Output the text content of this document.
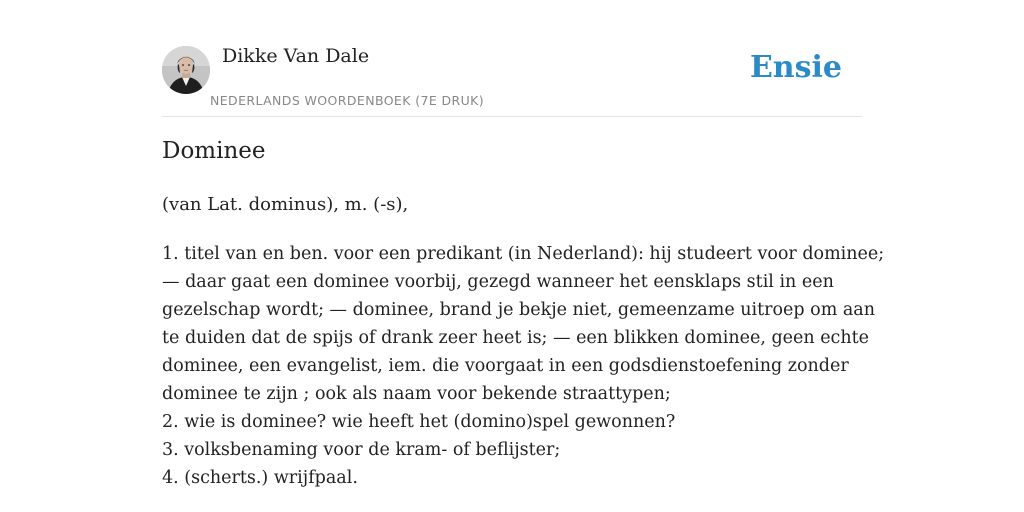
Dikke Van Dale
NEDERLANDS WOORDENBOEK (7E DRUK)
Ensie
Dominee

(van Lat. dominus), m. (-s),

1. titel van en ben. voor een predikant (in Nederland): hij studeert voor dominee;
— daar gaat een dominee voorbij, gezegd wanneer het eensklaps stil in een
gezelschap wordt; — dominee, brand je bekje niet, gemeenzame uitroep om aan
te duiden dat de spijs of drank zeer heet is; — een blikken dominee, geen echte
dominee, een evangelist, iem. die voorgaat in een godsdienstoefening zonder
dominee te zijn ; ook als naam voor bekende straattypen;
2. wie is dominee? wie heeft het (domino)spel gewonnen?
3. volksbenaming voor de kram- of beflijster;
4. (scherts.) wrijfpaal.
